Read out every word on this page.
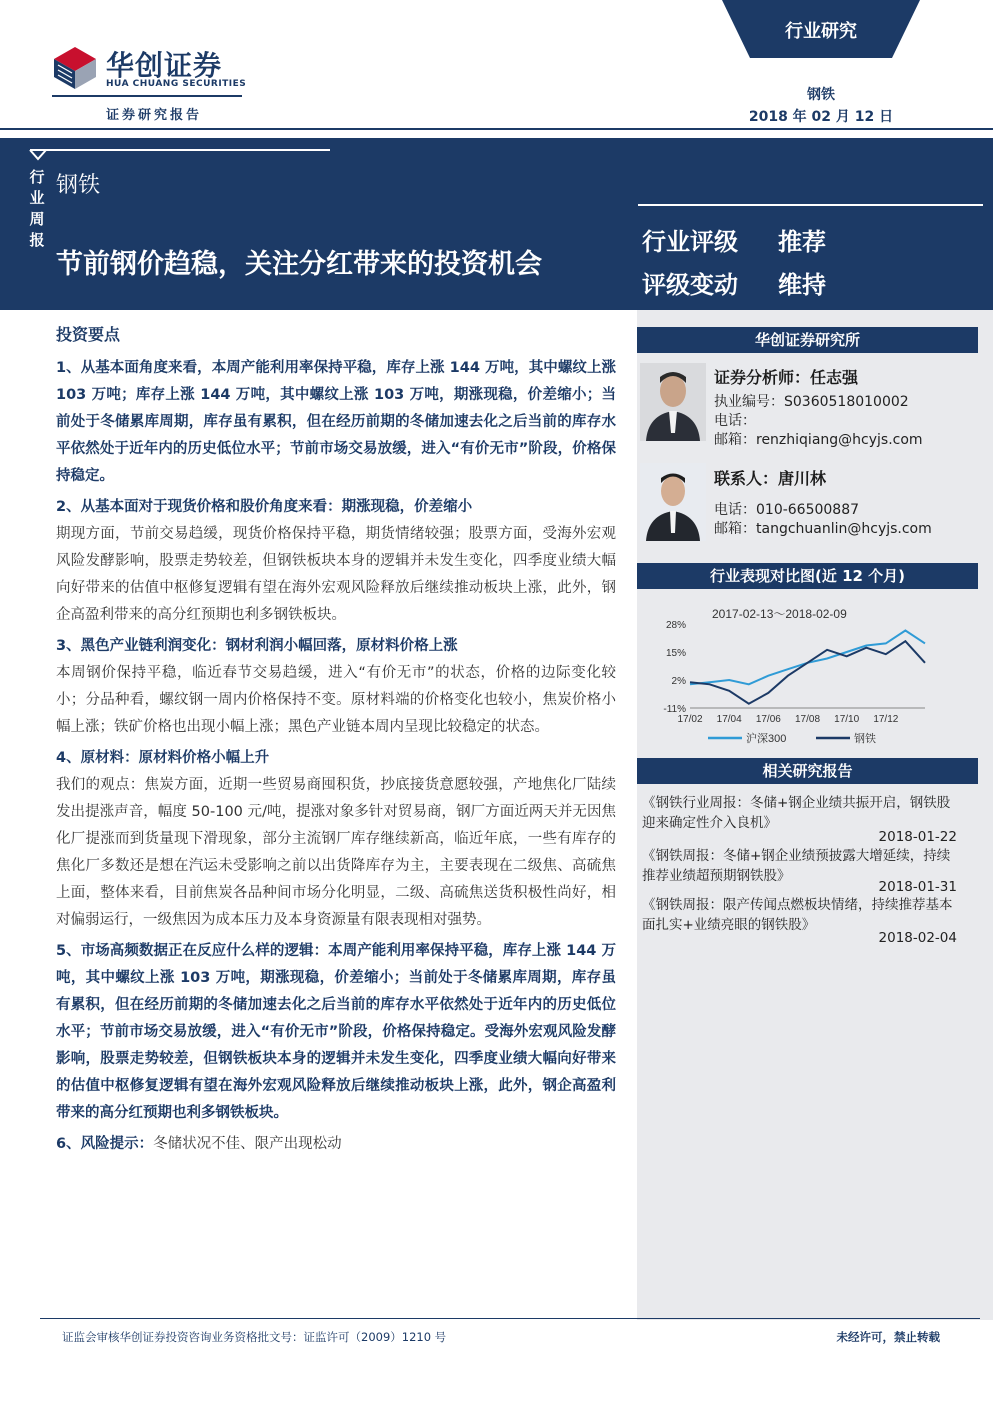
华创证券
HUA CHUANG SECURITIES
证券研究报告
行业研究
钢铁
2018 年 02 月 12 日
行业周报
钢铁
节前钢价趋稳，关注分红带来的投资机会
行业评级 推荐
评级变动 维持
华创证券研究所
证券分析师：任志强
执业编号：S0360518010002
电话：
邮箱：renzhiqiang@hcyjs.com
联系人：唐川林
电话：010-66500887
邮箱：tangchuanlin@hcyjs.com
行业表现对比图(近 12 个月)
2017-02-13～2018-02-09
28%
15%
2%
-11%
17/02 17/04 17/06 17/08 17/10 17/12
沪深300	钢铁
相关研究报告
《钢铁行业周报：冬储+钢企业绩共振开启，钢铁股迎来确定性介入良机》
2018-01-22
《钢铁周报：冬储+钢企业绩预披露大增延续，持续推荐业绩超预期钢铁股》
2018-01-31
《钢铁周报：限产传闻点燃板块情绪，持续推荐基本面扎实+业绩亮眼的钢铁股》
2018-02-04
投资要点
1、从基本面角度来看，本周产能利用率保持平稳，库存上涨 144 万吨，其中螺纹上涨 103 万吨；库存上涨 144 万吨，其中螺纹上涨 103 万吨，期涨现稳，价差缩小；当前处于冬储累库周期，库存虽有累积，但在经历前期的冬储加速去化之后当前的库存水平依然处于近年内的历史低位水平；节前市场交易放缓，进入“有价无市”阶段，价格保持稳定。
2、从基本面对于现货价格和股价角度来看：期涨现稳，价差缩小
期现方面，节前交易趋缓，现货价格保持平稳，期货情绪较强；股票方面，受海外宏观风险发酵影响，股票走势较差，但钢铁板块本身的逻辑并未发生变化，四季度业绩大幅向好带来的估值中枢修复逻辑有望在海外宏观风险释放后继续推动板块上涨，此外，钢企高盈利带来的高分红预期也利多钢铁板块。
3、黑色产业链利润变化：钢材利润小幅回落，原材料价格上涨
本周钢价保持平稳，临近春节交易趋缓，进入“有价无市”的状态，价格的边际变化较小；分品种看，螺纹钢一周内价格保持不变。原材料端的价格变化也较小，焦炭价格小幅上涨；铁矿价格也出现小幅上涨；黑色产业链本周内呈现比较稳定的状态。
4、原材料：原材料价格小幅上升
我们的观点：焦炭方面，近期一些贸易商囤积货，抄底接货意愿较强，产地焦化厂陆续发出提涨声音，幅度 50-100 元/吨，提涨对象多针对贸易商，钢厂方面近两天并无因焦化厂提涨而到货量现下滑现象，部分主流钢厂库存继续新高，临近年底，一些有库存的焦化厂多数还是想在汽运未受影响之前以出货降库存为主，主要表现在二级焦、高硫焦上面，整体来看，目前焦炭各品种间市场分化明显，二级、高硫焦送货积极性尚好，相对偏弱运行，一级焦因为成本压力及本身资源量有限表现相对强势。
5、市场高频数据正在反应什么样的逻辑：本周产能利用率保持平稳，库存上涨 144 万吨，其中螺纹上涨 103 万吨，期涨现稳，价差缩小；当前处于冬储累库周期，库存虽有累积，但在经历前期的冬储加速去化之后当前的库存水平依然处于近年内的历史低位水平；节前市场交易放缓，进入“有价无市”阶段，价格保持稳定。受海外宏观风险发酵影响，股票走势较差，但钢铁板块本身的逻辑并未发生变化，四季度业绩大幅向好带来的估值中枢修复逻辑有望在海外宏观风险释放后继续推动板块上涨，此外，钢企高盈利带来的高分红预期也利多钢铁板块。
6、风险提示：冬储状况不佳、限产出现松动
证监会审核华创证券投资咨询业务资格批文号：证监许可（2009）1210 号	未经许可，禁止转载
